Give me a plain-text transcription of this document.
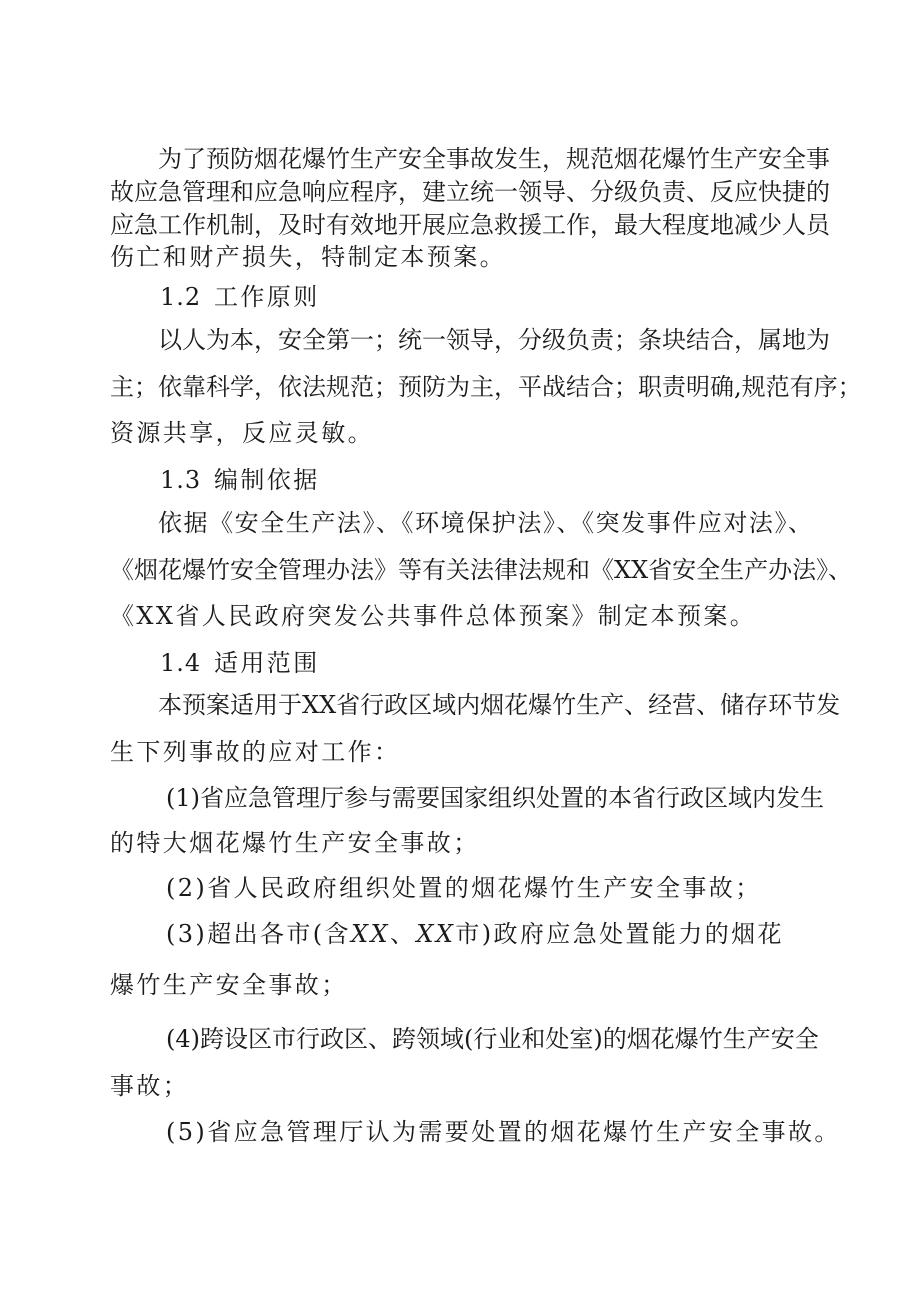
为了预防烟花爆竹生产安全事故发生，规范烟花爆竹生产安全事
故应急管理和应急响应程序，建立统一领导、分级负责、反应快捷的
应急工作机制，及时有效地开展应急救援工作，最大程度地减少人员
伤亡和财产损失，特制定本预案。
1.2 工作原则
以人为本，安全第一；统一领导，分级负责；条块结合，属地为
主；依靠科学，依法规范；预防为主，平战结合；职责明确,规范有序；
资源共享，反应灵敏。
1.3 编制依据
依据《安全生产法》、《环境保护法》、《突发事件应对法》、
《烟花爆竹安全管理办法》等有关法律法规和《XX省安全生产办法》、
《XX省人民政府突发公共事件总体预案》制定本预案。
1.4 适用范围
本预案适用于XX省行政区域内烟花爆竹生产、经营、储存环节发
生下列事故的应对工作：
(1)省应急管理厅参与需要国家组织处置的本省行政区域内发生
的特大烟花爆竹生产安全事故；
(2)省人民政府组织处置的烟花爆竹生产安全事故；
(3)超出各市(含XX、XX市)政府应急处置能力的烟花
爆竹生产安全事故；
(4)跨设区市行政区、跨领域(行业和处室)的烟花爆竹生产安全
事故；
(5)省应急管理厅认为需要处置的烟花爆竹生产安全事故。
